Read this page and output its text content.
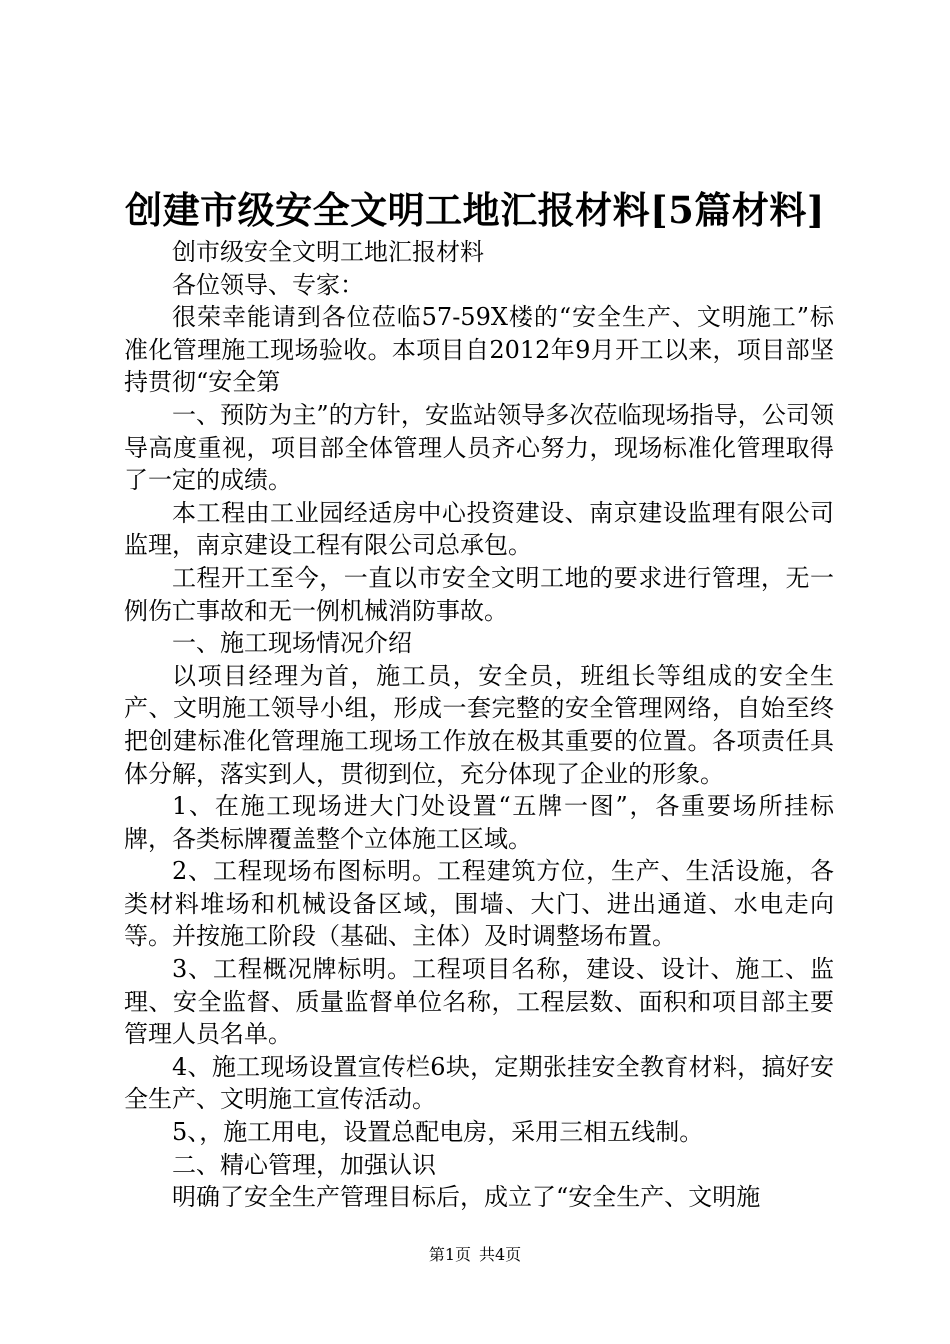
创建市级安全文明工地汇报材料[5篇材料]

创市级安全文明工地汇报材料

各位领导、专家：

很荣幸能请到各位莅临57-59X楼的“安全生产、文明施工”标准化管理施工现场验收。本项目自2012年9月开工以来，项目部坚持贯彻“安全第

一、预防为主”的方针，安监站领导多次莅临现场指导，公司领导高度重视，项目部全体管理人员齐心努力，现场标准化管理取得了一定的成绩。

本工程由工业园经适房中心投资建设、南京建设监理有限公司监理，南京建设工程有限公司总承包。

工程开工至今，一直以市安全文明工地的要求进行管理，无一例伤亡事故和无一例机械消防事故。

一、施工现场情况介绍

以项目经理为首，施工员，安全员，班组长等组成的安全生产、文明施工领导小组，形成一套完整的安全管理网络，自始至终把创建标准化管理施工现场工作放在极其重要的位置。各项责任具体分解，落实到人，贯彻到位，充分体现了企业的形象。

1、在施工现场进大门处设置“五牌一图”，各重要场所挂标牌，各类标牌覆盖整个立体施工区域。

2、工程现场布图标明。工程建筑方位，生产、生活设施，各类材料堆场和机械设备区域，围墙、大门、进出通道、水电走向等。并按施工阶段（基础、主体）及时调整场布置。

3、工程概况牌标明。工程项目名称，建设、设计、施工、监理、安全监督、质量监督单位名称，工程层数、面积和项目部主要管理人员名单。

4、施工现场设置宣传栏6块，定期张挂安全教育材料，搞好安全生产、文明施工宣传活动。

5、，施工用电，设置总配电房，采用三相五线制。

二、精心管理，加强认识

明确了安全生产管理目标后，成立了“安全生产、文明施

第1页 共4页
